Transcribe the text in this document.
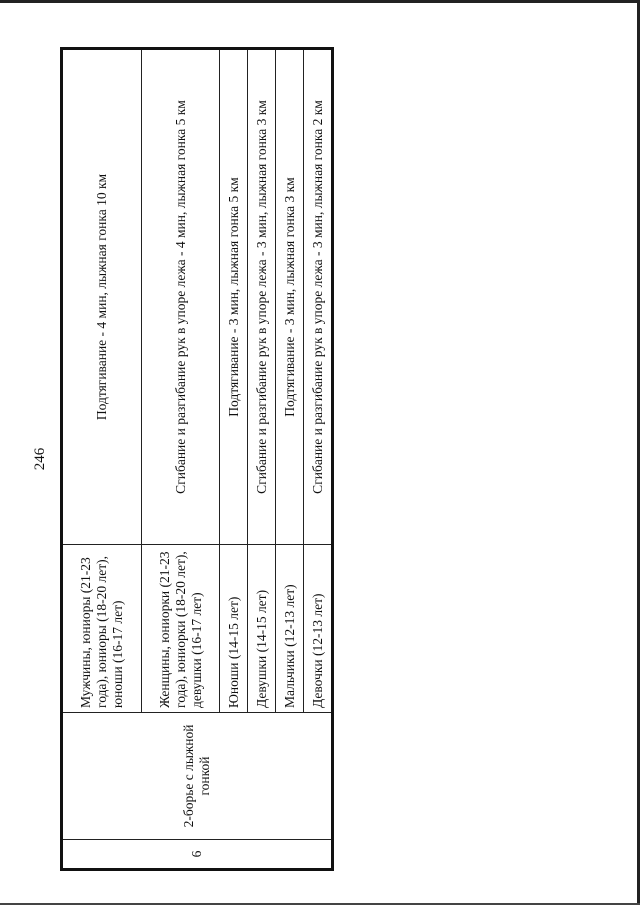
246
6	2-борье с лыжной гонкой	Мужчины, юниоры (21-23 года), юниоры (18-20 лет), юноши (16-17 лет)	Подтягивание - 4 мин, лыжная гонка 10 км
		Женщины, юниорки (21-23 года), юниорки (18-20 лет), девушки (16-17 лет)	Сгибание и разгибание рук в упоре лежа - 4 мин, лыжная гонка 5 км
		Юноши (14-15 лет)	Подтягивание - 3 мин, лыжная гонка 5 км
		Девушки (14-15 лет)	Сгибание и разгибание рук в упоре лежа - 3 мин, лыжная гонка 3 км
		Мальчики (12-13 лет)	Подтягивание - 3 мин, лыжная гонка 3 км
		Девочки (12-13 лет)	Сгибание и разгибание рук в упоре лежа - 3 мин, лыжная гонка 2 км
